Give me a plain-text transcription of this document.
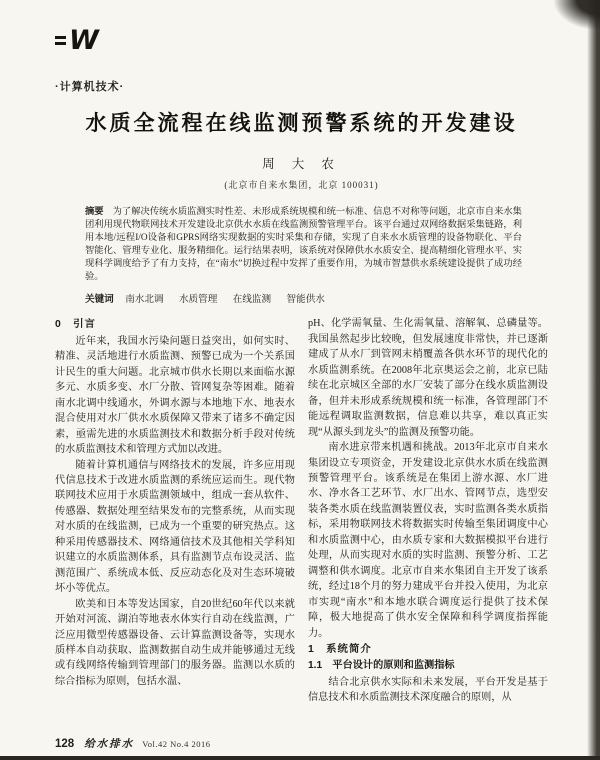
W
·计算机技术·
水质全流程在线监测预警系统的开发建设
周 大 农
(北京市自来水集团，北京 100031)

摘要 为了解决传统水质监测实时性差、未形成系统规模和统一标准、信息不对称等问题，北京市自来水集团利用现代物联网技术开发建设北京供水水质在线监测预警管理平台。该平台通过双网络数据采集链路，利用本地/远程I/O设备和GPRS网络实现数据的实时采集和存储，实现了自来水水质管理的设备物联化、平台智能化、管理专业化、服务精细化。运行结果表明，该系统对保障供水水质安全、提高精细化管理水平、实现科学调度给予了有力支持，在“南水”切换过程中发挥了重要作用，为城市智慧供水系统建设提供了成功经验。

关键词 南水北调 水质管理 在线监测 智能供水
0　引言

近年来，我国水污染问题日益突出，如何实时、精准、灵活地进行水质监测、预警已成为一个关系国计民生的重大问题。北京城市供水长期以来面临水源多元、水质多变、水厂分散、管网复杂等困难。随着南水北调中线通水，外调水源与本地地下水、地表水混合使用对水厂供水水质保障又带来了诸多不确定因素，亟需先进的水质监测技术和数据分析手段对传统的水质监测技术和管理方式加以改进。

随着计算机通信与网络技术的发展，许多应用现代信息技术于改进水质监测的系统应运而生。现代物联网技术应用于水质监测领域中，组成一套从软件、传感器、数据处理至结果发布的完整系统，从而实现对水质的在线监测，已成为一个重要的研究热点。这种采用传感器技术、网络通信技术及其他相关学科知识建立的水质监测体系，具有监测节点布设灵活、监测范围广、系统成本低、反应动态化及对生态环境破坏小等优点。

欧美和日本等发达国家，自20世纪60年代以来就开始对河流、湖泊等地表水体实行自动在线监测，广泛应用微型传感器设备、云计算监测设备等，实现水质样本自动获取、监测数据自动生成并能够通过无线或有线网络传输到管理部门的服务器。监测以水质的综合指标为原则，包括水温、

pH、化学需氧量、生化需氧量、溶解氧、总磷量等。我国虽然起步比较晚，但发展速度非常快，并已逐渐建成了从水厂到管网末梢覆盖各供水环节的现代化的水质监测系统。在2008年北京奥运会之前，北京已陆续在北京城区全部的水厂安装了部分在线水质监测设备，但并未形成系统规模和统一标准，各管理部门不能远程调取监测数据，信息难以共享，难以真正实现“从源头到龙头”的监测及预警功能。

南水进京带来机遇和挑战。2013年北京市自来水集团设立专项资金，开发建设北京供水水质在线监测预警管理平台。该系统是在集团上游水源、水厂进水、净水各工艺环节、水厂出水、管网节点，选型安装各类水质在线监测装置仪表，实时监测各类水质指标，采用物联网技术将数据实时传输至集团调度中心和水质监测中心，由水质专家和大数据模拟平台进行处理，从而实现对水质的实时监测、预警分析、工艺调整和供水调度。北京市自来水集团自主开发了该系统，经过18个月的努力建成平台并投入使用，为北京市实现“南水”和本地水联合调度运行提供了技术保障，极大地提高了供水安全保障和科学调度指挥能力。

1　系统简介
1.1　平台设计的原则和监测指标

结合北京供水实际和未来发展，平台开发是基于信息技术和水质监测技术深度融合的原则，从

128 给水排水 Vol.42 No.4 2016
